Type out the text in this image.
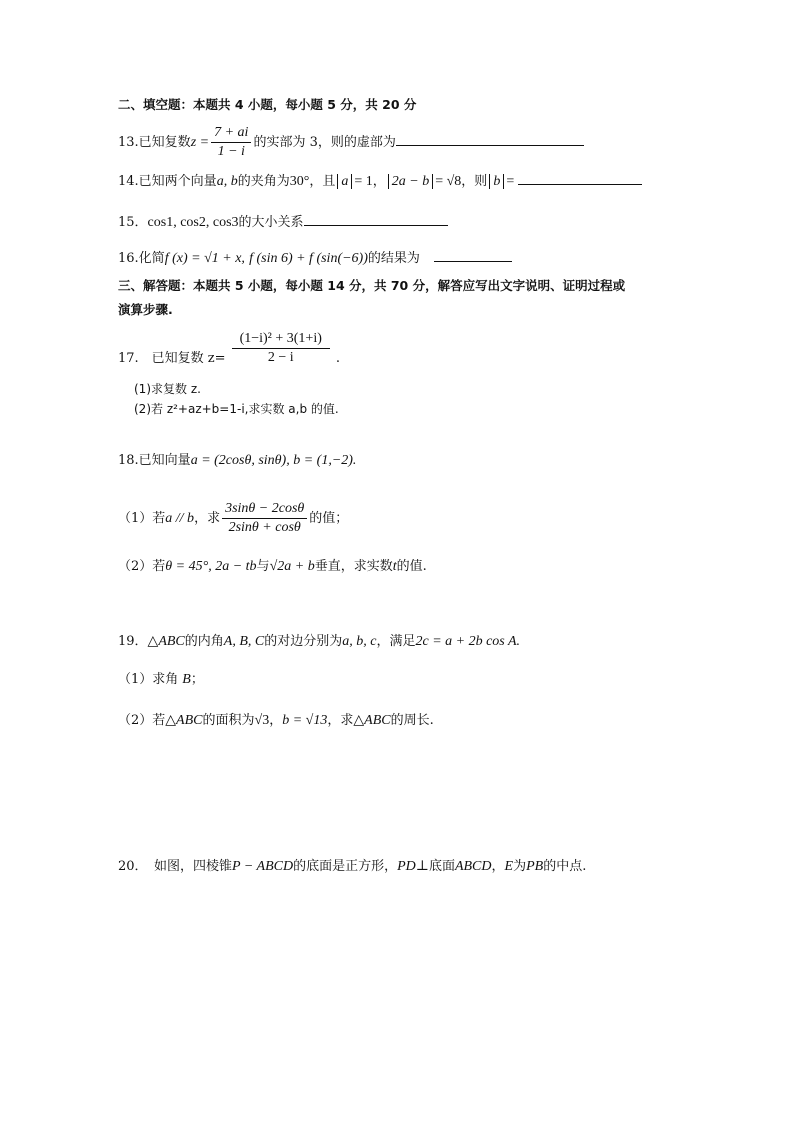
二、填空题：本题共 4 小题，每小题 5 分，共 20 分
13.已知复数$z = \frac{7 + ai}{1 - i}$ 的实部为 3，则的虚部为
14.已知两个向量a, b的夹角为30°，且 a = 1， 2a − b = √8，则 b =
15．cos1, cos2, cos3的大小关系
16.化简f (x) = √1 + x, f (sin 6) + f (sin(−6))的结果为
三、解答题：本题共 5 小题，每小题 14 分，共 70 分，解答应写出文字说明、证明过程或
演算步骤.
17.　已知复数 $z= \frac{\text{(1−i)² + 3(1+i)}}{2 - i}$ .
(1)求复数 z.
(2)若 z²+az+b=1-i,求实数 a,b 的值.
18.已知向量a = (2cosθ, sinθ), b = (1,−2).
（1）若a // b，求 $\frac{3\sin\theta - 2\cos\theta}{2\sin\theta + \cos\theta}$ 的值；
（2）若θ = 45°, 2a − tb与√2a + b垂直，求实数t的值.
19．△ABC的内角A, B, C的对边分别为a, b, c，满足2c = a + 2b cos A.
（1）求角 B；
（2）若△ABC的面积为√3，b = √13，求△ABC的周长.
20．　如图，四棱锥P − ABCD的底面是正方形，PD⊥底面ABCD，E为PB的中点.
